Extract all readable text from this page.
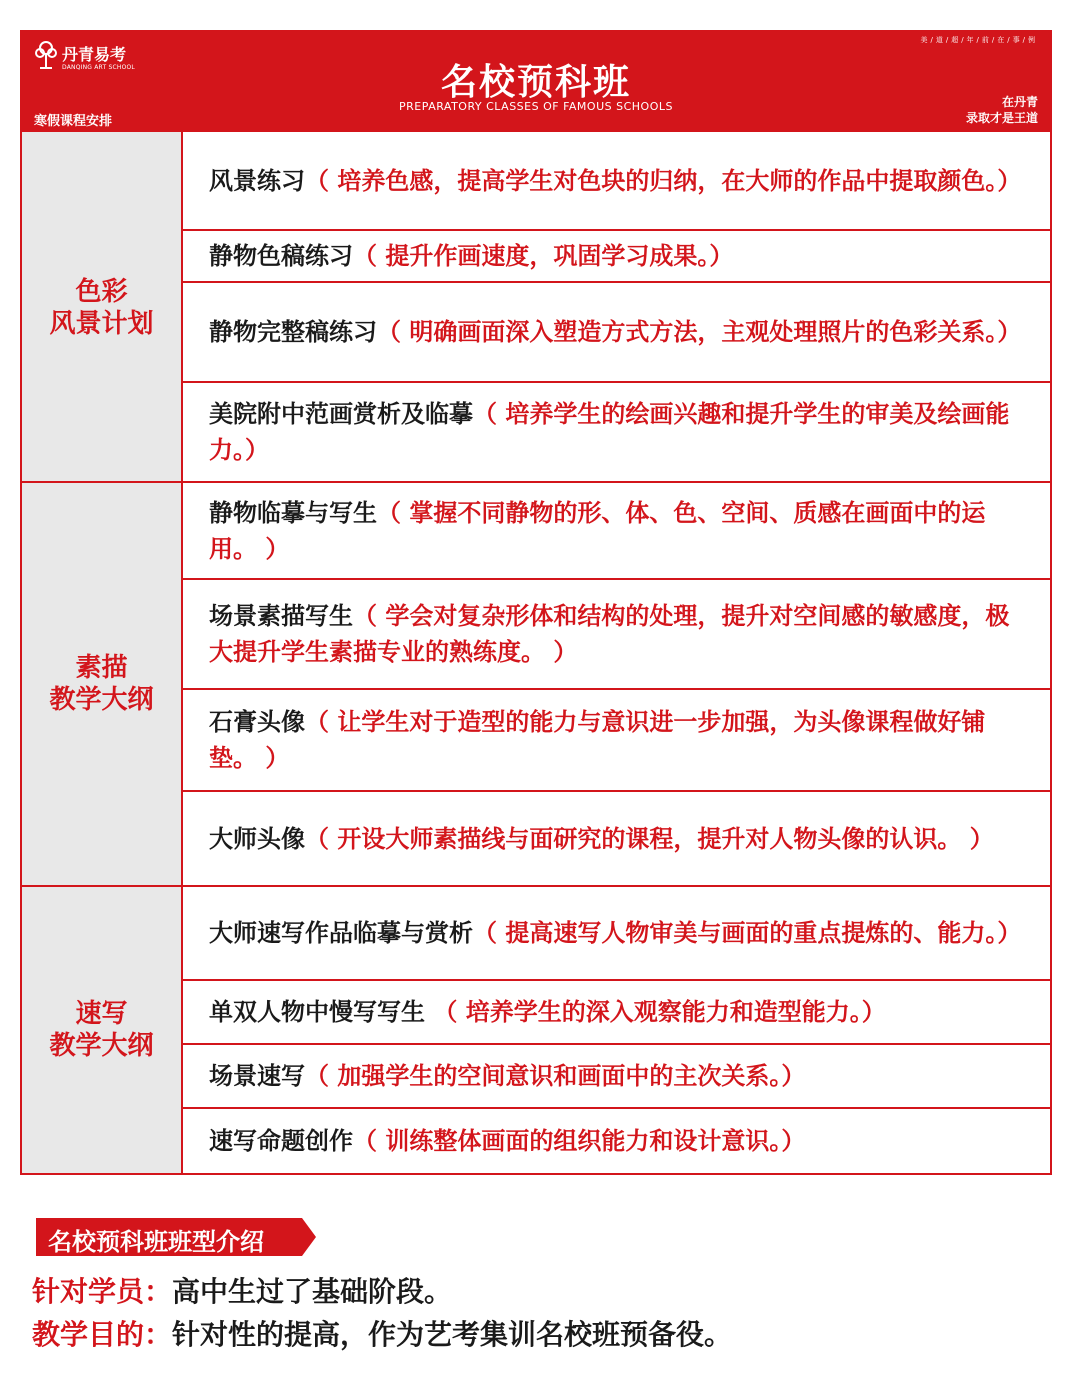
丹青易考
DANQING ART SCHOOL
寒假课程安排
名校预科班
PREPARATORY CLASSES OF FAMOUS SCHOOLS
美/道/超/年/前/在/事/例
在丹青
录取才是王道
色彩
风景计划
风景练习（ 培养色感，提高学生对色块的归纳，在大师的作品中提取颜色。）
静物色稿练习（ 提升作画速度，巩固学习成果。）
静物完整稿练习（ 明确画面深入塑造方式方法，主观处理照片的色彩关系。）
美院附中范画赏析及临摹（ 培养学生的绘画兴趣和提升学生的审美及绘画能力。）
素描
教学大纲
静物临摹与写生（ 掌握不同静物的形、体、色、空间、质感在画面中的运用。 ）
场景素描写生（ 学会对复杂形体和结构的处理，提升对空间感的敏感度，极大提升学生素描专业的熟练度。 ）
石膏头像（ 让学生对于造型的能力与意识进一步加强，为头像课程做好铺垫。 ）
大师头像（ 开设大师素描线与面研究的课程，提升对人物头像的认识。 ）
速写
教学大纲
大师速写作品临摹与赏析（ 提高速写人物审美与画面的重点提炼的、能力。）
单双人物中慢写写生 （ 培养学生的深入观察能力和造型能力。）
场景速写（ 加强学生的空间意识和画面中的主次关系。）
速写命题创作（ 训练整体画面的组织能力和设计意识。）
名校预科班班型介绍
针对学员：高中生过了基础阶段。
教学目的：针对性的提高，作为艺考集训名校班预备役。
